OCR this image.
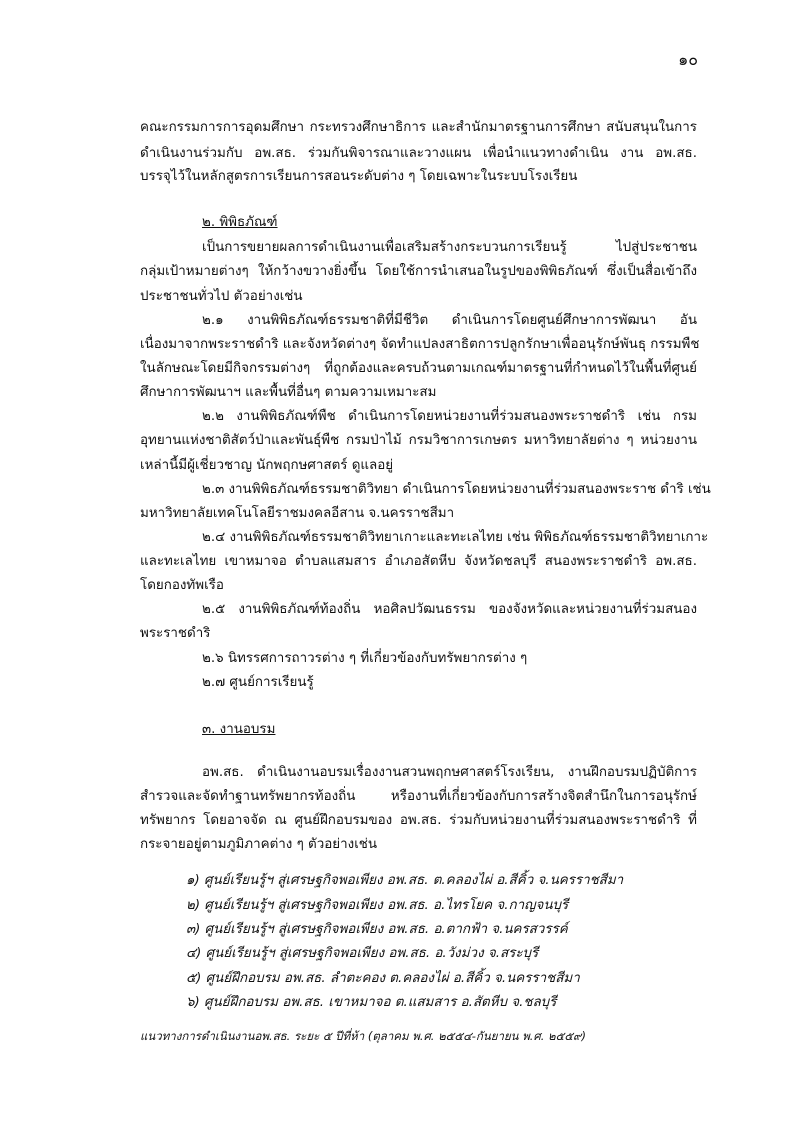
๑๐
คณะกรรมการการอุดมศึกษา กระทรวงศึกษาธิการ และสำนักมาตรฐานการศึกษา สนับสนุนในการ
ดำเนินงานร่วมกับ อพ.สธ. ร่วมกันพิจารณาและวางแผน เพื่อนำแนวทางดำเนิน งาน อพ.สธ.
บรรจุไว้ในหลักสูตรการเรียนการสอนระดับต่าง ๆ โดยเฉพาะในระบบโรงเรียน
๒. พิพิธภัณฑ์
เป็นการขยายผลการดำเนินงานเพื่อเสริมสร้างกระบวนการเรียนรู้ ไปสู่ประชาชน
กลุ่มเป้าหมายต่างๆ ให้กว้างขวางยิ่งขึ้น โดยใช้การนำเสนอในรูปของพิพิธภัณฑ์ ซึ่งเป็นสื่อเข้าถึง
ประชาชนทั่วไป ตัวอย่างเช่น
๒.๑ งานพิพิธภัณฑ์ธรรมชาติที่มีชีวิต ดำเนินการโดยศูนย์ศึกษาการพัฒนา อัน
เนื่องมาจากพระราชดำริ และจังหวัดต่างๆ จัดทำแปลงสาธิตการปลูกรักษาเพื่ออนุรักษ์พันธุ กรรมพืช
ในลักษณะโดยมีกิจกรรมต่างๆ ที่ถูกต้องและครบถ้วนตามเกณฑ์มาตรฐานที่กำหนดไว้ในพื้นที่ศูนย์
ศึกษาการพัฒนาฯ และพื้นที่อื่นๆ ตามความเหมาะสม
๒.๒ งานพิพิธภัณฑ์พืช ดำเนินการโดยหน่วยงานที่ร่วมสนองพระราชดำริ เช่น กรม
อุทยานแห่งชาติสัตว์ป่าและพันธุ์พืช กรมป่าไม้ กรมวิชาการเกษตร มหาวิทยาลัยต่าง ๆ หน่วยงาน
เหล่านี้มีผู้เชี่ยวชาญ นักพฤกษศาสตร์ ดูแลอยู่
๒.๓ งานพิพิธภัณฑ์ธรรมชาติวิทยา ดำเนินการโดยหน่วยงานที่ร่วมสนองพระราช ดำริ เช่น
มหาวิทยาลัยเทคโนโลยีราชมงคลอีสาน จ.นครราชสีมา
๒.๔ งานพิพิธภัณฑ์ธรรมชาติวิทยาเกาะและทะเลไทย เช่น พิพิธภัณฑ์ธรรมชาติวิทยาเกาะ
และทะเลไทย เขาหมาจอ ตำบลแสมสาร อำเภอสัตหีบ จังหวัดชลบุรี สนองพระราชดำริ อพ.สธ.
โดยกองทัพเรือ
๒.๕ งานพิพิธภัณฑ์ท้องถิ่น หอศิลปวัฒนธรรม ของจังหวัดและหน่วยงานที่ร่วมสนอง
พระราชดำริ
๒.๖ นิทรรศการถาวรต่าง ๆ ที่เกี่ยวข้องกับทรัพยากรต่าง ๆ
๒.๗ ศูนย์การเรียนรู้
๓. งานอบรม
อพ.สธ. ดำเนินงานอบรมเรื่องงานสวนพฤกษศาสตร์โรงเรียน, งานฝึกอบรมปฏิบัติการ
สำรวจและจัดทำฐานทรัพยากรท้องถิ่น หรืองานที่เกี่ยวข้องกับการสร้างจิตสำนึกในการอนุรักษ์
ทรัพยากร โดยอาจจัด ณ ศูนย์ฝึกอบรมของ อพ.สธ. ร่วมกับหน่วยงานที่ร่วมสนองพระราชดำริ ที่
กระจายอยู่ตามภูมิภาคต่าง ๆ ตัวอย่างเช่น
๑) ศูนย์เรียนรู้ฯ สู่เศรษฐกิจพอเพียง อพ.สธ. ต.คลองไผ่ อ.สีคิ้ว จ.นครราชสีมา
๒) ศูนย์เรียนรู้ฯ สู่เศรษฐกิจพอเพียง อพ.สธ. อ.ไทรโยค จ.กาญจนบุรี
๓) ศูนย์เรียนรู้ฯ สู่เศรษฐกิจพอเพียง อพ.สธ. อ.ตากฟ้า จ.นครสวรรค์
๔) ศูนย์เรียนรู้ฯ สู่เศรษฐกิจพอเพียง อพ.สธ. อ.วังม่วง จ.สระบุรี
๕) ศูนย์ฝึกอบรม อพ.สธ. ลำตะคอง ต.คลองไผ่ อ.สีคิ้ว จ.นครราชสีมา
๖) ศูนย์ฝึกอบรม อพ.สธ. เขาหมาจอ ต.แสมสาร อ.สัตหีบ จ.ชลบุรี
แนวทางการดำเนินงานอพ.สธ. ระยะ ๕ ปีที่ห้า (ตุลาคม พ.ศ. ๒๕๕๔-กันยายน พ.ศ. ๒๕๕๙)
